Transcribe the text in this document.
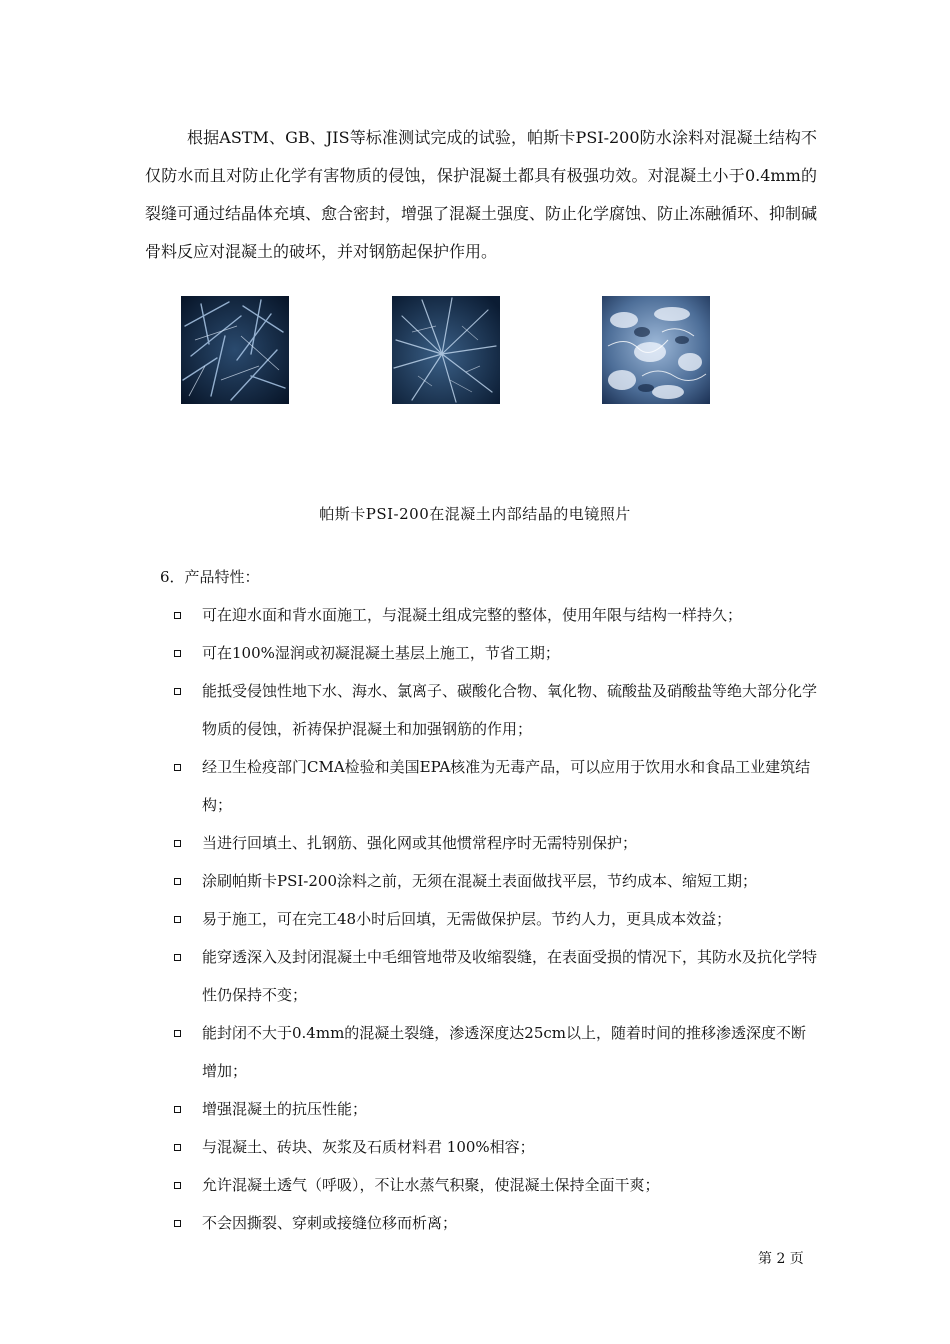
根据ASTM、GB、JIS等标准测试完成的试验，帕斯卡PSI-200防水涂料对混凝土结构不仅防水而且对防止化学有害物质的侵蚀，保护混凝土都具有极强功效。对混凝土小于0.4mm的裂缝可通过结晶体充填、愈合密封，增强了混凝土强度、防止化学腐蚀、防止冻融循环、抑制碱骨料反应对混凝土的破坏，并对钢筋起保护作用。

帕斯卡PSI-200在混凝土内部结晶的电镜照片

6．产品特性：

可在迎水面和背水面施工，与混凝土组成完整的整体，使用年限与结构一样持久；
可在100%湿润或初凝混凝土基层上施工，节省工期；
能抵受侵蚀性地下水、海水、氯离子、碳酸化合物、氧化物、硫酸盐及硝酸盐等绝大部分化学物质的侵蚀，祈祷保护混凝土和加强钢筋的作用；
经卫生检疫部门CMA检验和美国EPA核准为无毒产品，可以应用于饮用水和食品工业建筑结构；
当进行回填土、扎钢筋、强化网或其他惯常程序时无需特别保护；
涂刷帕斯卡PSI-200涂料之前，无须在混凝土表面做找平层，节约成本、缩短工期；
易于施工，可在完工48小时后回填，无需做保护层。节约人力，更具成本效益；
能穿透深入及封闭混凝土中毛细管地带及收缩裂缝，在表面受损的情况下，其防水及抗化学特性仍保持不变；
能封闭不大于0.4mm的混凝土裂缝，渗透深度达25cm以上，随着时间的推移渗透深度不断增加；
增强混凝土的抗压性能；
与混凝土、砖块、灰浆及石质材料君 100%相容；
允许混凝土透气（呼吸），不让水蒸气积聚，使混凝土保持全面干爽；
不会因撕裂、穿刺或接缝位移而析离；

第 2 页
